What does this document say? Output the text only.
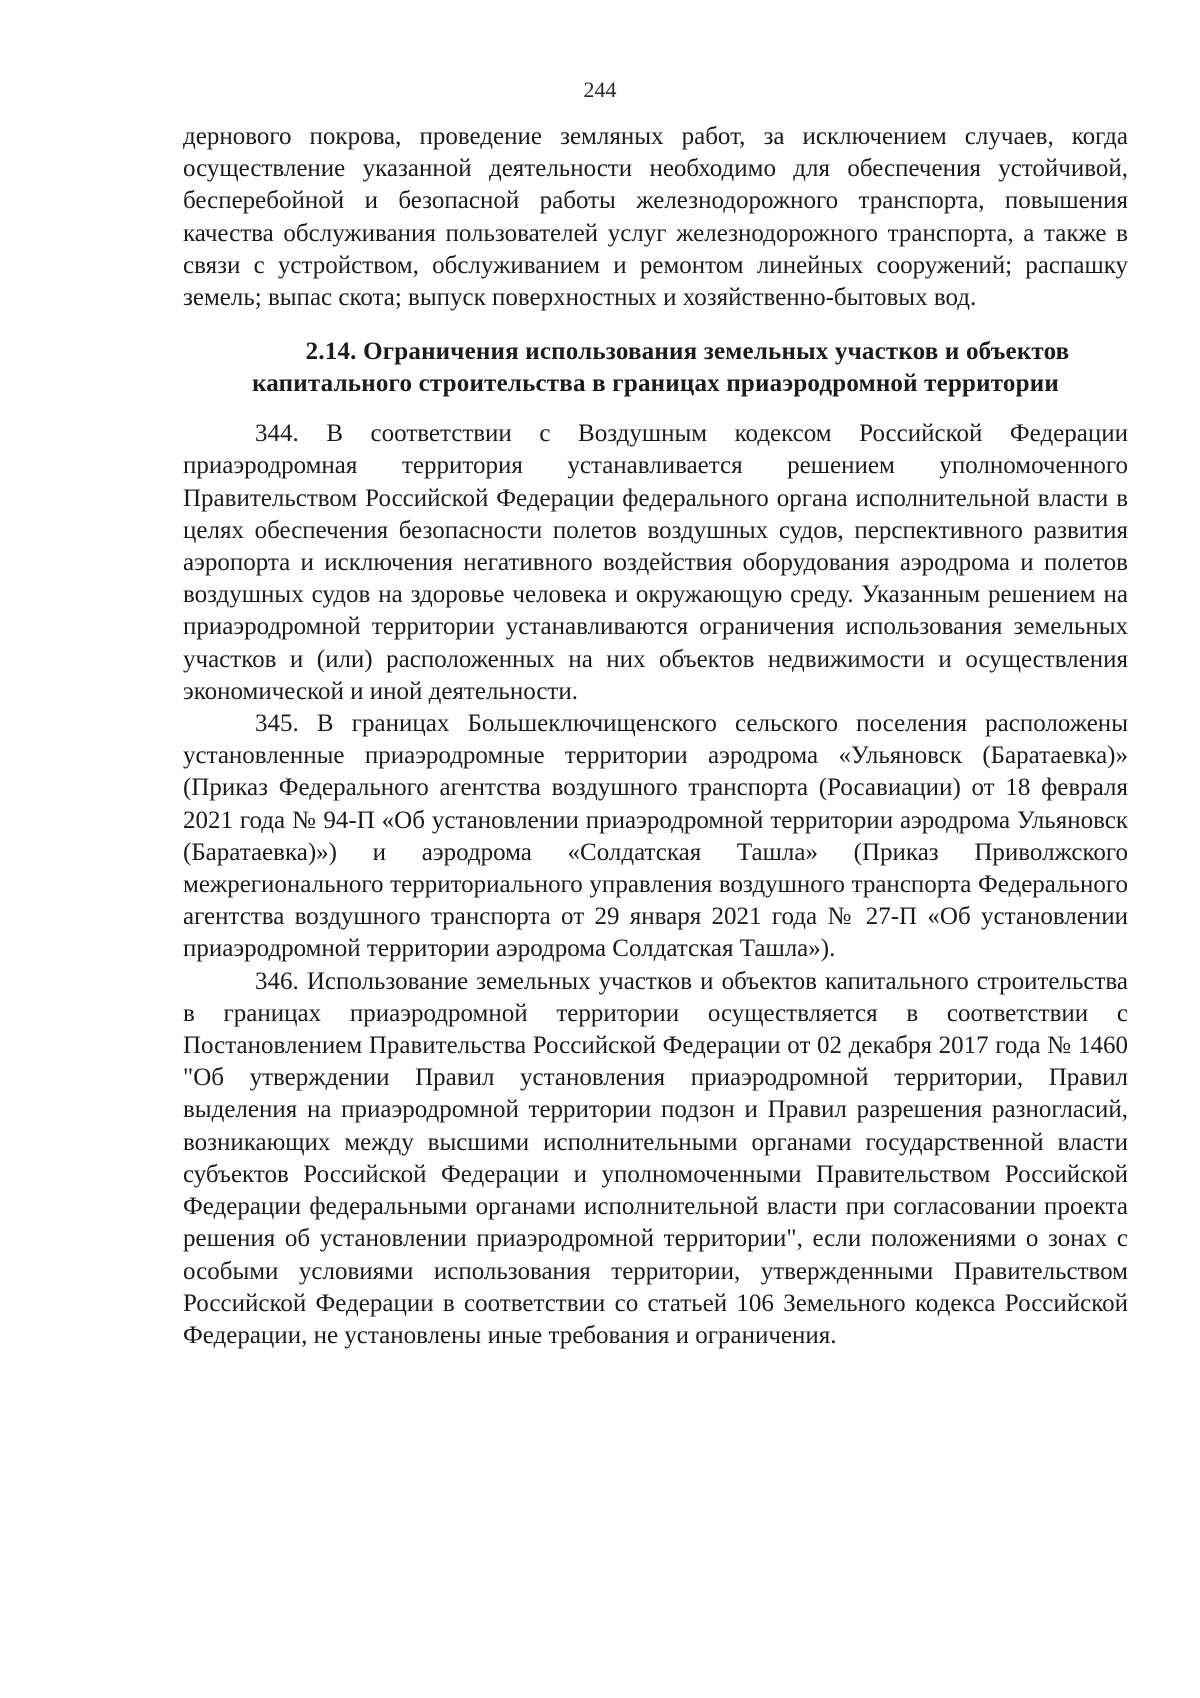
244

дернового покрова, проведение земляных работ, за исключением случаев, когда осуществление указанной деятельности необходимо для обеспечения устойчивой, бесперебойной и безопасной работы железнодорожного транспорта, повышения качества обслуживания пользователей услуг железнодорожного транспорта, а также в связи с устройством, обслуживанием и ремонтом линейных сооружений; распашку земель; выпас скота; выпуск поверхностных и хозяйственно-бытовых вод.

2.14. Ограничения использования земельных участков и объектов
капитального строительства в границах приаэродромной территории

344. В соответствии с Воздушным кодексом Российской Федерации приаэродромная территория устанавливается решением уполномоченного Правительством Российской Федерации федерального органа исполнительной власти в целях обеспечения безопасности полетов воздушных судов, перспективного развития аэропорта и исключения негативного воздействия оборудования аэродрома и полетов воздушных судов на здоровье человека и окружающую среду. Указанным решением на приаэродромной территории устанавливаются ограничения использования земельных участков и (или) расположенных на них объектов недвижимости и осуществления экономической и иной деятельности.

345. В границах Большеключищенского сельского поселения расположены установленные приаэродромные территории аэродрома «Ульяновск (Баратаевка)» (Приказ Федерального агентства воздушного транспорта (Росавиации) от 18 февраля 2021 года № 94-П «Об установлении приаэродромной территории аэродрома Ульяновск (Баратаевка)») и аэродрома «Солдатская Ташла» (Приказ Приволжского межрегионального территориального управления воздушного транспорта Федерального агентства воздушного транспорта от 29 января 2021 года № 27-П «Об установлении приаэродромной территории аэродрома Солдатская Ташла»).

346. Использование земельных участков и объектов капитального строительства в границах приаэродромной территории осуществляется в соответствии с Постановлением Правительства Российской Федерации от 02 декабря 2017 года № 1460 "Об утверждении Правил установления приаэродромной территории, Правил выделения на приаэродромной территории подзон и Правил разрешения разногласий, возникающих между высшими исполнительными органами государственной власти субъектов Российской Федерации и уполномоченными Правительством Российской Федерации федеральными органами исполнительной власти при согласовании проекта решения об установлении приаэродромной территории", если положениями о зонах с особыми условиями использования территории, утвержденными Правительством Российской Федерации в соответствии со статьей 106 Земельного кодекса Российской Федерации, не установлены иные требования и ограничения.
